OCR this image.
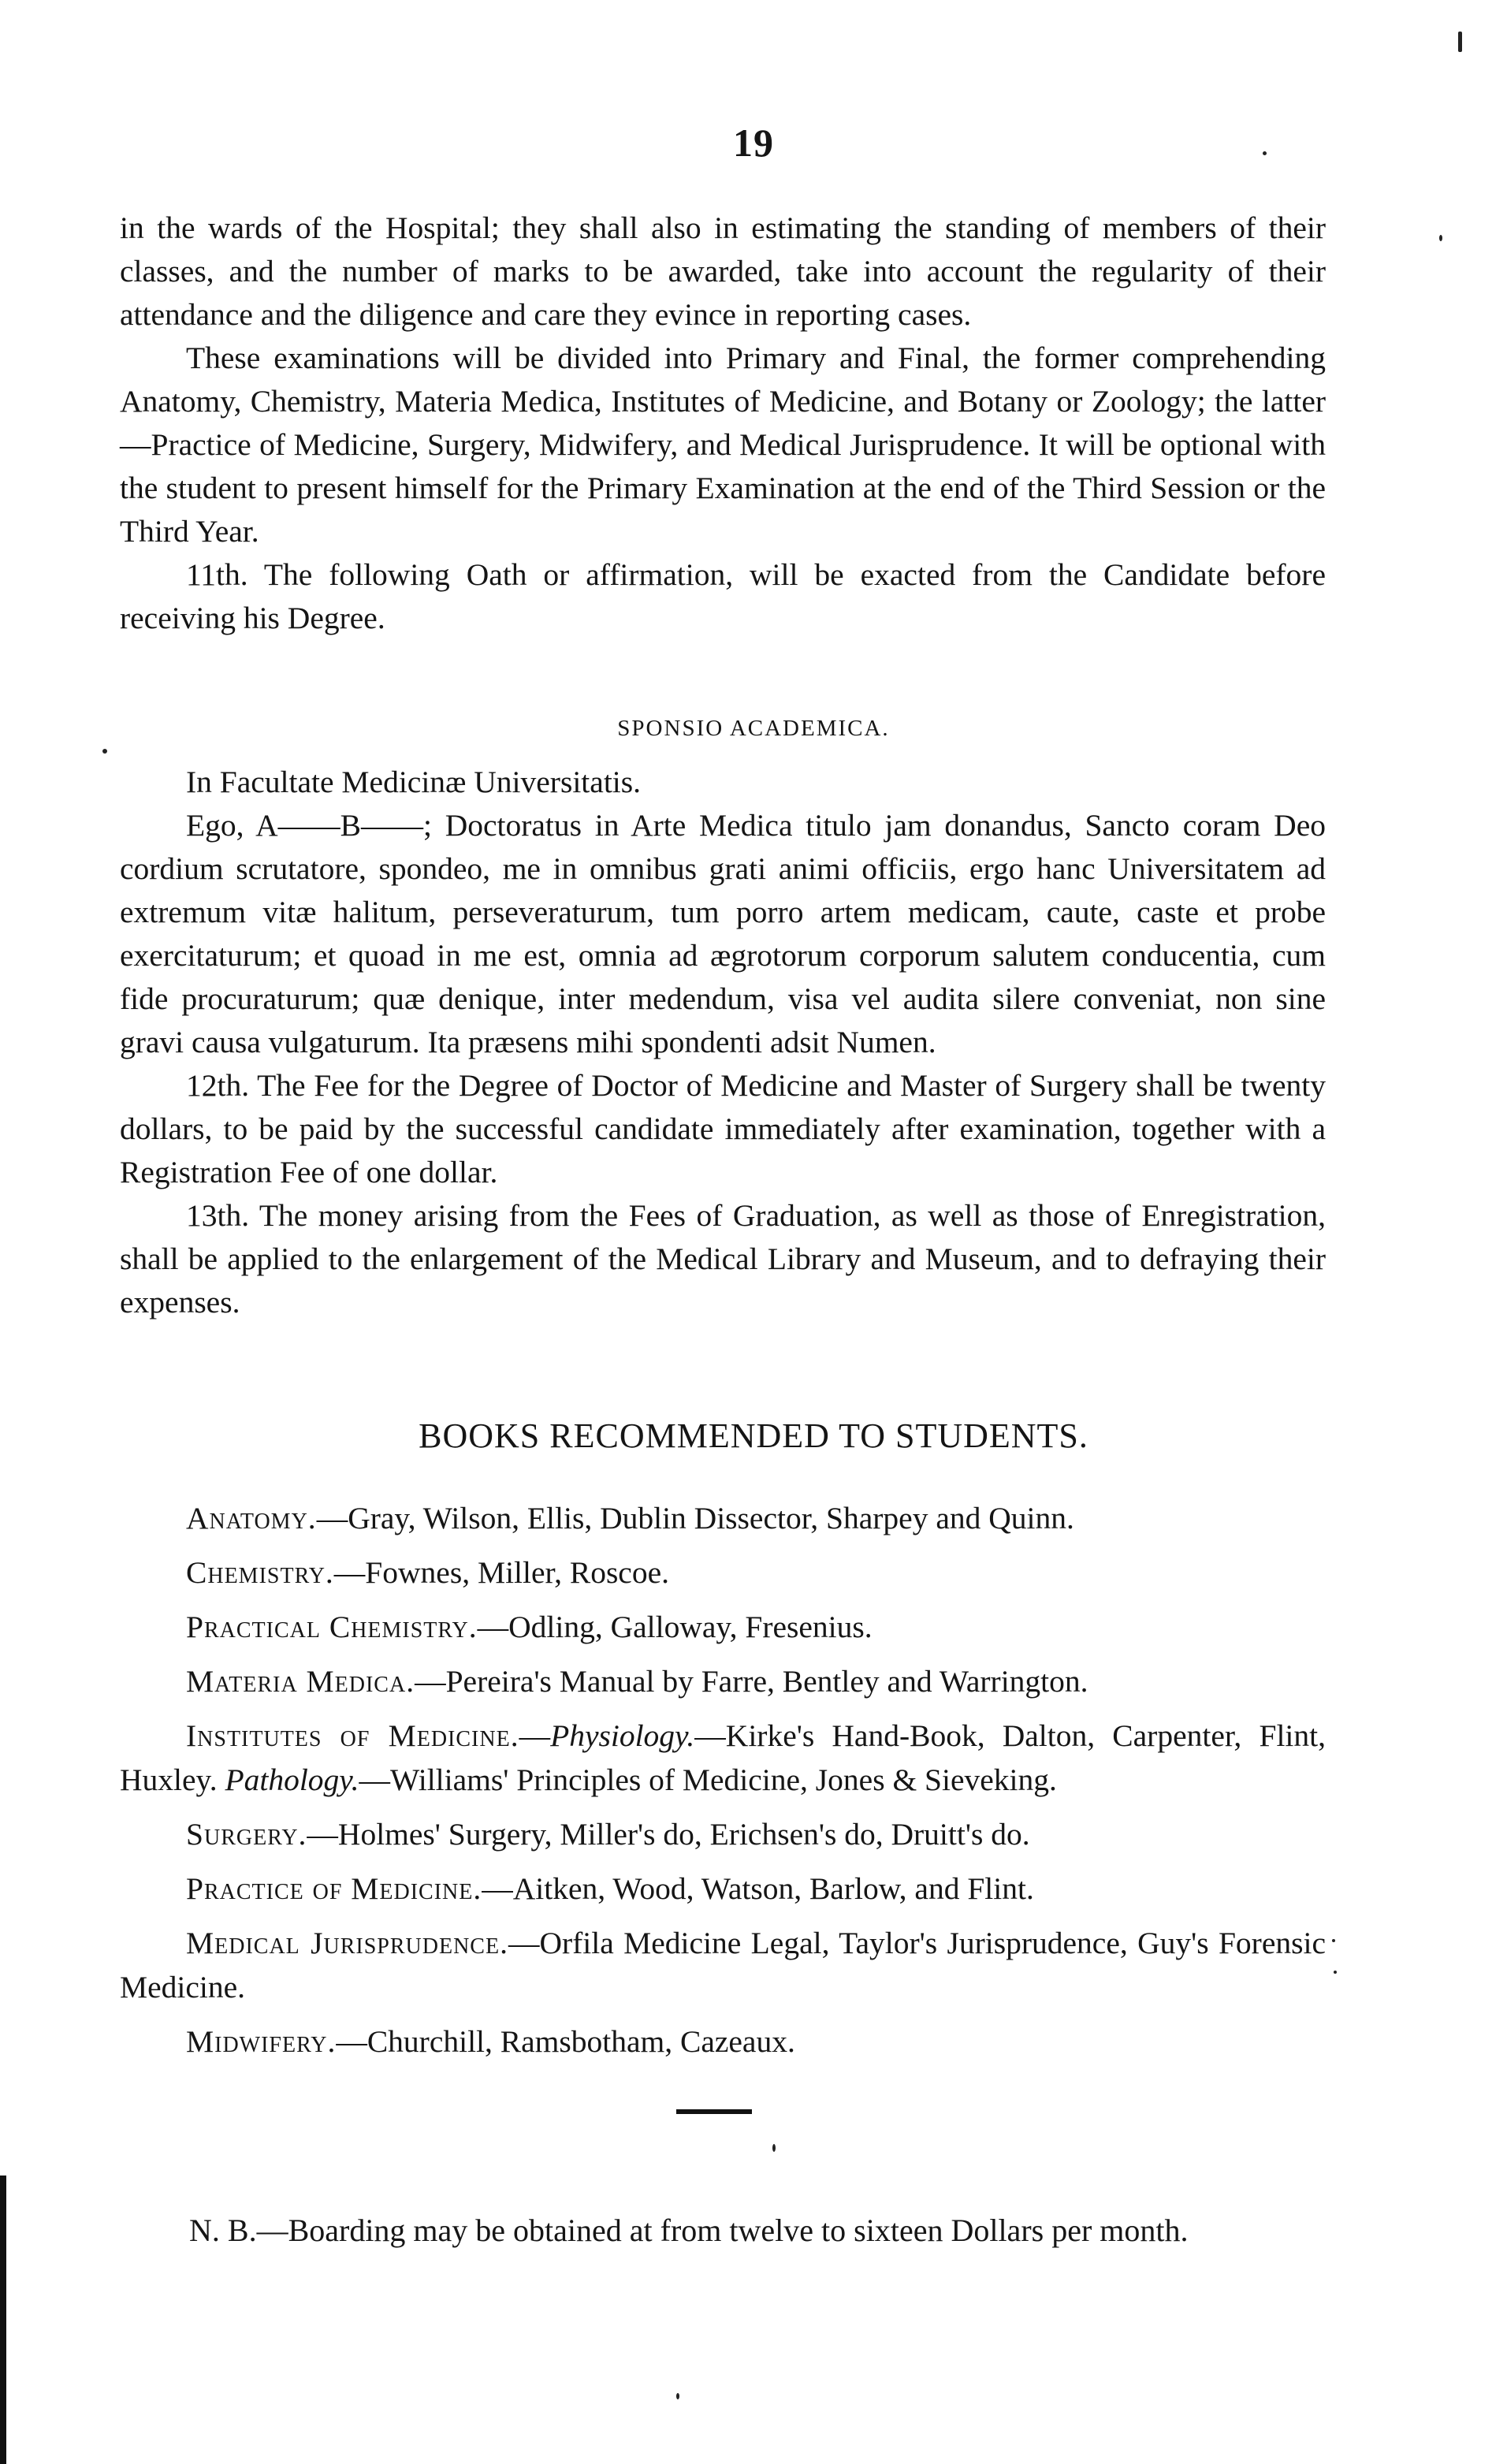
19

in the wards of the Hospital; they shall also in estimating the standing of members of their classes, and the number of marks to be awarded, take into account the regularity of their attendance and the diligence and care they evince in reporting cases.

These examinations will be divided into Primary and Final, the former comprehending Anatomy, Chemistry, Materia Medica, Institutes of Medicine, and Botany or Zoology; the latter—Practice of Medicine, Surgery, Midwifery, and Medical Jurisprudence. It will be optional with the student to present himself for the Primary Examination at the end of the Third Session or the Third Year.

11th. The following Oath or affirmation, will be exacted from the Candidate before receiving his Degree.

SPONSIO ACADEMICA.

In Facultate Medicinæ Universitatis.

Ego, A——B——; Doctoratus in Arte Medica titulo jam donandus, Sancto coram Deo cordium scrutatore, spondeo, me in omnibus grati animi officiis, ergo hanc Universitatem ad extremum vitæ halitum, perseveraturum, tum porro artem medicam, caute, caste et probe exercitaturum; et quoad in me est, omnia ad ægrotorum corporum salutem conducentia, cum fide procuraturum; quæ denique, inter medendum, visa vel audita silere conveniat, non sine gravi causa vulgaturum. Ita præsens mihi spondenti adsit Numen.

12th. The Fee for the Degree of Doctor of Medicine and Master of Surgery shall be twenty dollars, to be paid by the successful candidate immediately after examination, together with a Registration Fee of one dollar.

13th. The money arising from the Fees of Graduation, as well as those of Enregistration, shall be applied to the enlargement of the Medical Library and Museum, and to defraying their expenses.

BOOKS RECOMMENDED TO STUDENTS.
Anatomy.—Gray, Wilson, Ellis, Dublin Dissector, Sharpey and Quinn.
Chemistry.—Fownes, Miller, Roscoe.
Practical Chemistry.—Odling, Galloway, Fresenius.
Materia Medica.—Pereira's Manual by Farre, Bentley and Warrington.
Institutes of Medicine.—Physiology.—Kirke's Hand-Book, Dalton, Carpenter, Flint, Huxley. Pathology.—Williams' Principles of Medicine, Jones & Sieveking.
Surgery.—Holmes' Surgery, Miller's do, Erichsen's do, Druitt's do.
Practice of Medicine.—Aitken, Wood, Watson, Barlow, and Flint.
Medical Jurisprudence.—Orfila Medicine Legal, Taylor's Jurisprudence, Guy's Forensic Medicine.
Midwifery.—Churchill, Ramsbotham, Cazeaux.
N. B.—Boarding may be obtained at from twelve to sixteen Dollars per month.
